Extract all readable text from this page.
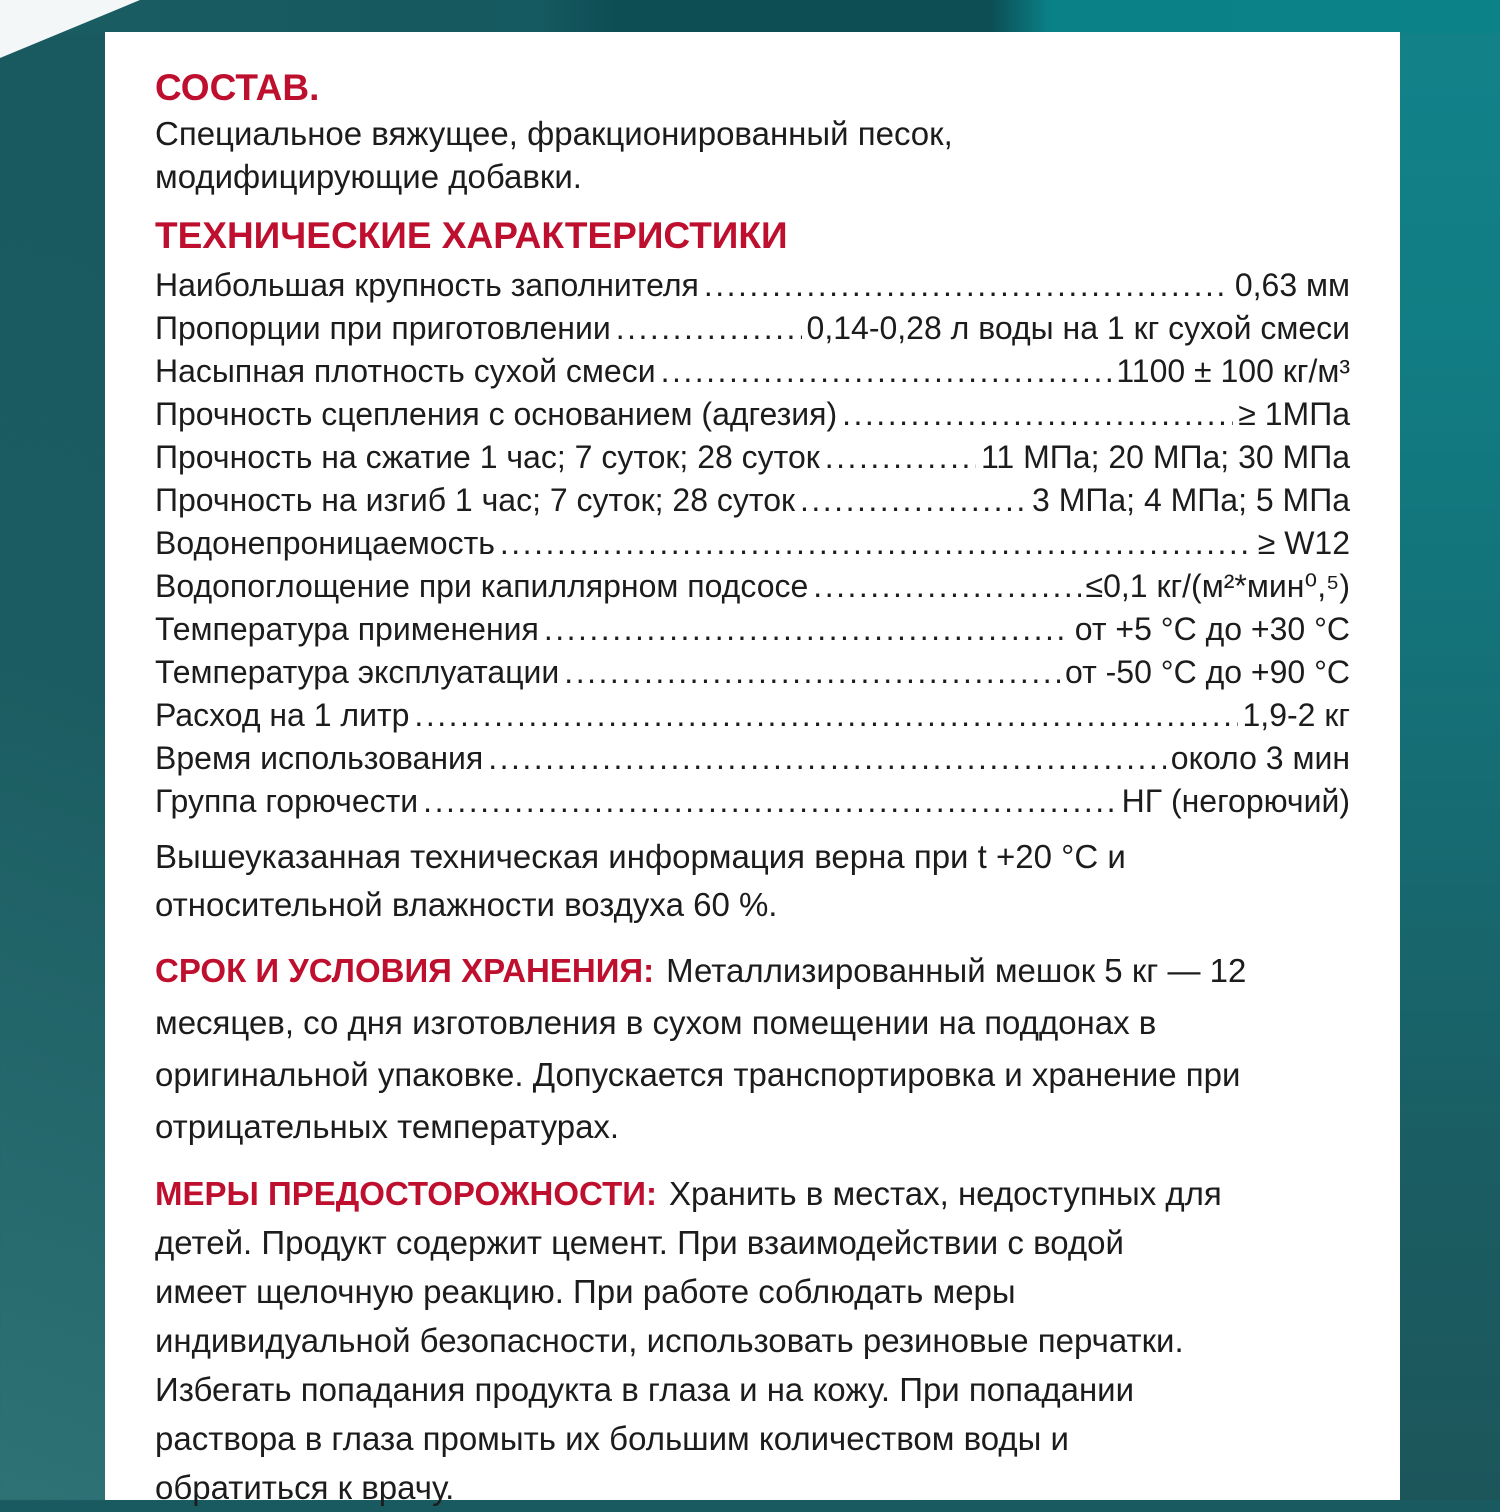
СОСТАВ.
Специальное вяжущее, фракционированный песок,
модифицирующие добавки.
ТЕХНИЧЕСКИЕ ХАРАКТЕРИСТИКИ
Наибольшая крупность заполнителя .....	0,63 мм
Пропорции при приготовлении .....	0,14-0,28 л воды на 1 кг сухой смеси
Насыпная плотность сухой смеси .....	1100 ± 100 кг/м³
Прочность сцепления с основанием (адгезия) .....	≥ 1МПа
Прочность на сжатие 1 час; 7 суток; 28 суток .....	11 МПа; 20 МПа; 30 МПа
Прочность на изгиб 1 час; 7 суток; 28 суток .....	3 МПа; 4 МПа; 5 МПа
Водонепроницаемость .....	≥ W12
Водопоглощение при капиллярном подсосе .....	≤0,1 кг/(м²*мин⁰,⁵)
Температура применения .....	от +5 °С до +30 °С
Температура эксплуатации .....	от -50 °С до +90 °С
Расход на 1 литр .....	1,9-2 кг
Время использования .....	около 3 мин
Группа горючести .....	НГ (негорючий)
Вышеуказанная техническая информация верна при t +20 °С и
относительной влажности воздуха 60 %.
СРОК И УСЛОВИЯ ХРАНЕНИЯ: Металлизированный мешок 5 кг — 12
месяцев, со дня изготовления в сухом помещении на поддонах в
оригинальной упаковке. Допускается транспортировка и хранение при
отрицательных температурах.
МЕРЫ ПРЕДОСТОРОЖНОСТИ: Хранить в местах, недоступных для
детей. Продукт содержит цемент. При взаимодействии с водой
имеет щелочную реакцию. При работе соблюдать меры
индивидуальной безопасности, использовать резиновые перчатки.
Избегать попадания продукта в глаза и на кожу. При попадании
раствора в глаза промыть их большим количеством воды и
обратиться к врачу.
